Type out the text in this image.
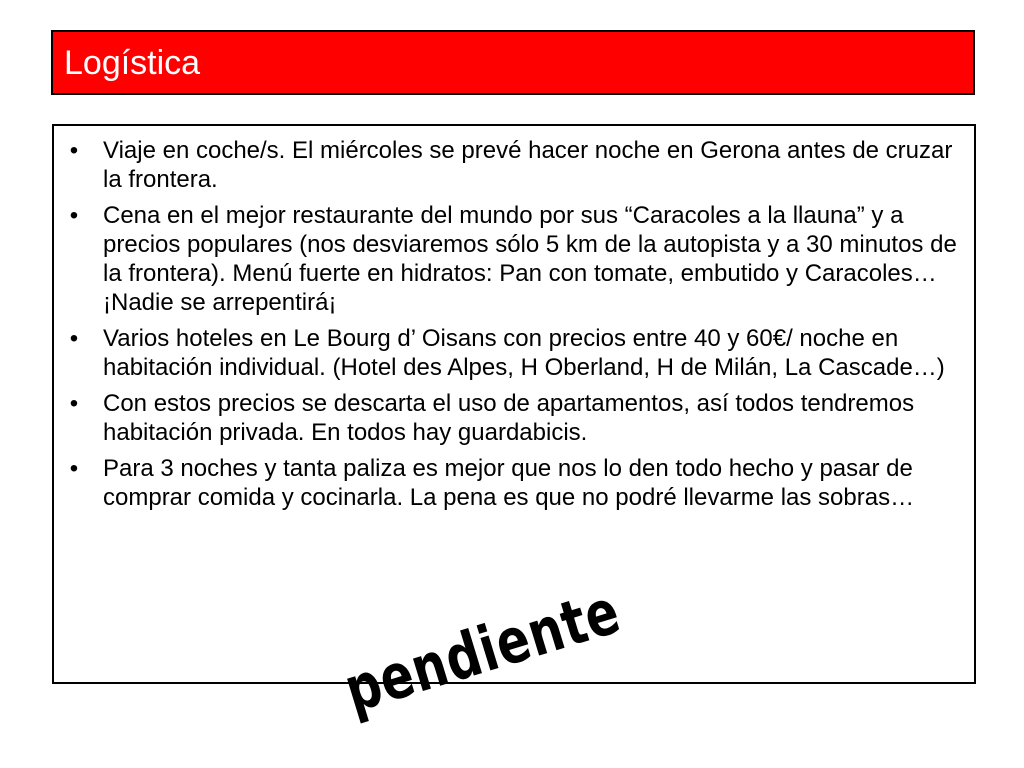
Logística
• Viaje en coche/s. El miércoles se prevé hacer noche en Gerona antes de cruzar la frontera.
• Cena en el mejor restaurante del mundo por sus “Caracoles a la llauna” y a precios populares (nos desviaremos sólo 5 km de la autopista y a 30 minutos de la frontera). Menú fuerte en hidratos: Pan con tomate, embutido y Caracoles…¡Nadie se arrepentirá¡
• Varios hoteles en Le Bourg d’ Oisans con precios entre 40 y 60€/ noche en habitación individual. (Hotel des Alpes, H Oberland, H de Milán, La Cascade…)
• Con estos precios se descarta el uso de apartamentos, así todos tendremos habitación privada. En todos hay guardabicis.
• Para 3 noches y tanta paliza es mejor que nos lo den todo hecho y pasar de comprar comida y cocinarla. La pena es que no podré llevarme las sobras…
pendiente
